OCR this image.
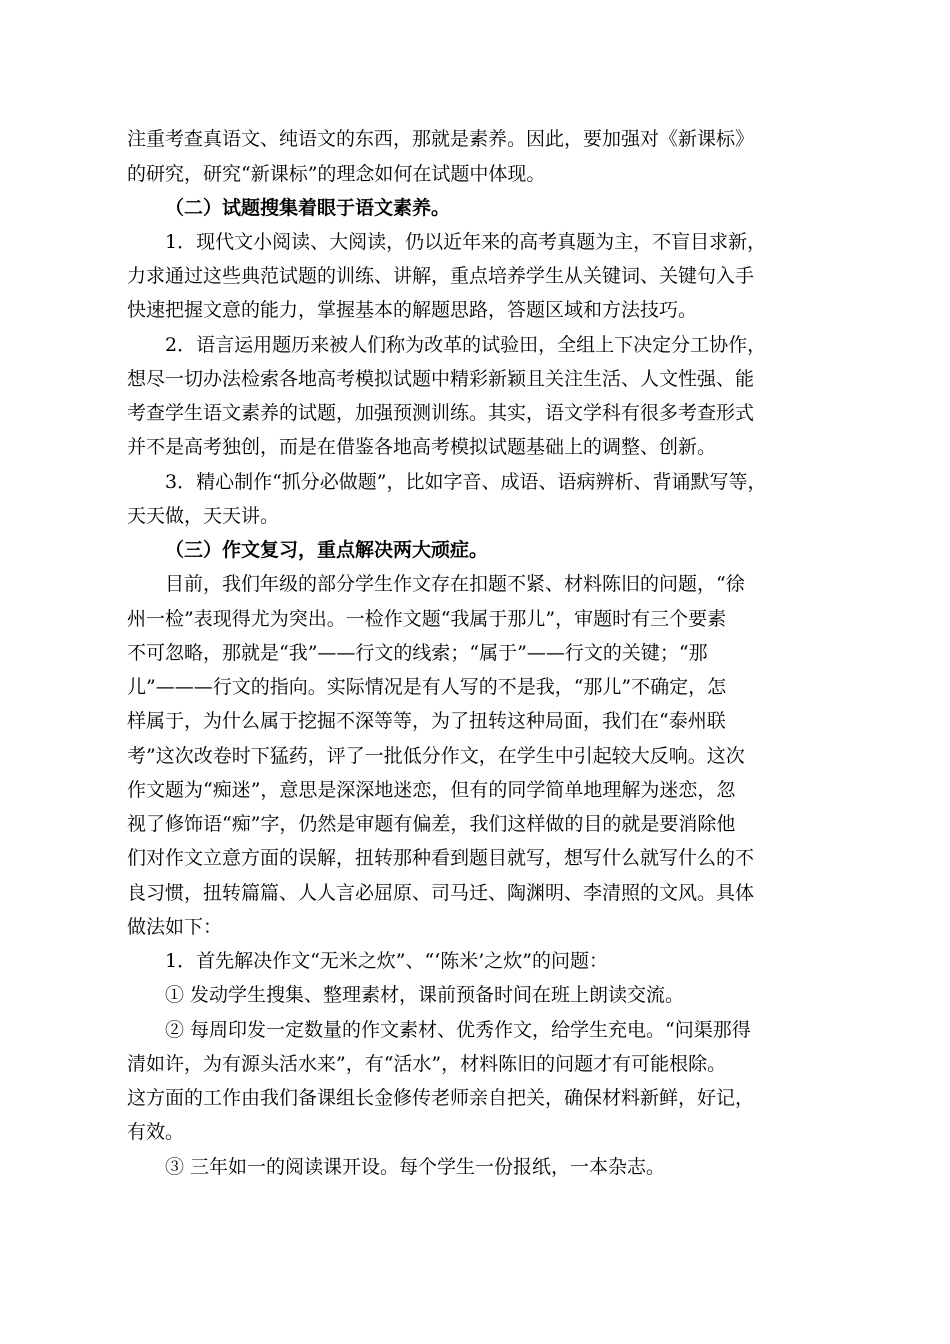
注重考查真语文、纯语文的东西，那就是素养。因此，要加强对《新课标》

的研究，研究“新课标”的理念如何在试题中体现。

（二）试题搜集着眼于语文素养。

1．现代文小阅读、大阅读，仍以近年来的高考真题为主，不盲目求新，

力求通过这些典范试题的训练、讲解，重点培养学生从关键词、关键句入手

快速把握文意的能力，掌握基本的解题思路，答题区域和方法技巧。

2．语言运用题历来被人们称为改革的试验田，全组上下决定分工协作，

想尽一切办法检索各地高考模拟试题中精彩新颖且关注生活、人文性强、能

考查学生语文素养的试题，加强预测训练。其实，语文学科有很多考查形式

并不是高考独创，而是在借鉴各地高考模拟试题基础上的调整、创新。

3．精心制作“抓分必做题”，比如字音、成语、语病辨析、背诵默写等，

天天做，天天讲。

（三）作文复习，重点解决两大顽症。

目前，我们年级的部分学生作文存在扣题不紧、材料陈旧的问题，“徐

州一检”表现得尤为突出。一检作文题“我属于那儿”，审题时有三个要素

不可忽略，那就是“我”——行文的线索；“属于”——行文的关键；“那

儿”———行文的指向。实际情况是有人写的不是我，“那儿”不确定，怎

样属于，为什么属于挖掘不深等等，为了扭转这种局面，我们在“泰州联

考”这次改卷时下猛药，评了一批低分作文，在学生中引起较大反响。这次

作文题为“痴迷”，意思是深深地迷恋，但有的同学简单地理解为迷恋，忽

视了修饰语“痴”字，仍然是审题有偏差，我们这样做的目的就是要消除他

们对作文立意方面的误解，扭转那种看到题目就写，想写什么就写什么的不

良习惯，扭转篇篇、人人言必屈原、司马迁、陶渊明、李清照的文风。具体

做法如下：

1．首先解决作文“无米之炊”、“‘陈米’之炊”的问题：

① 发动学生搜集、整理素材，课前预备时间在班上朗读交流。

② 每周印发一定数量的作文素材、优秀作文，给学生充电。“问渠那得

清如许，为有源头活水来”，有“活水”，材料陈旧的问题才有可能根除。

这方面的工作由我们备课组长金修传老师亲自把关，确保材料新鲜，好记，

有效。

③ 三年如一的阅读课开设。每个学生一份报纸，一本杂志。
